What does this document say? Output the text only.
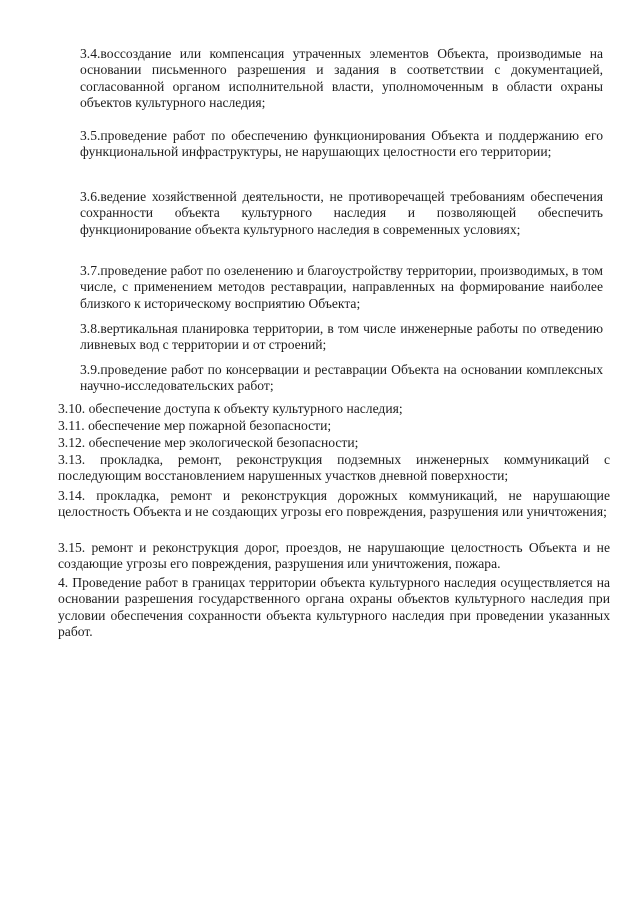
3.4.воссоздание или компенсация утраченных элементов Объекта, производимые на основании письменного разрешения и задания в соответствии с документацией, согласованной органом исполнительной власти, уполномоченным в области охраны объектов культурного наследия;

3.5.проведение работ по обеспечению функционирования Объекта и поддержанию его функциональной инфраструктуры, не нарушающих целостности его территории;

3.6.ведение хозяйственной деятельности, не противоречащей требованиям обеспечения сохранности объекта культурного наследия и позволяющей обеспечить функционирование объекта культурного наследия в современных условиях;

3.7.проведение работ по озеленению и благоустройству территории, производимых, в том числе, с применением методов реставрации, направленных на формирование наиболее близкого к историческому восприятию Объекта;

3.8.вертикальная планировка территории, в том числе инженерные работы по отведению ливневых вод с территории и от строений;

3.9.проведение работ по консервации и реставрации Объекта на основании комплексных научно-исследовательских работ;

3.10. обеспечение доступа к объекту культурного наследия;

3.11. обеспечение мер пожарной безопасности;

3.12. обеспечение мер экологической безопасности;

3.13. прокладка, ремонт, реконструкция подземных инженерных коммуникаций с последующим восстановлением нарушенных участков дневной поверхности;

3.14. прокладка, ремонт и реконструкция дорожных коммуникаций, не нарушающие целостность Объекта и не создающих угрозы его повреждения, разрушения или уничтожения;

3.15. ремонт и реконструкция дорог, проездов, не нарушающие целостность Объекта и не создающие угрозы его повреждения, разрушения или уничтожения, пожара.

4. Проведение работ в границах территории объекта культурного наследия осуществляется на основании разрешения государственного органа охраны объектов культурного наследия при условии обеспечения сохранности объекта культурного наследия при проведении указанных работ.
